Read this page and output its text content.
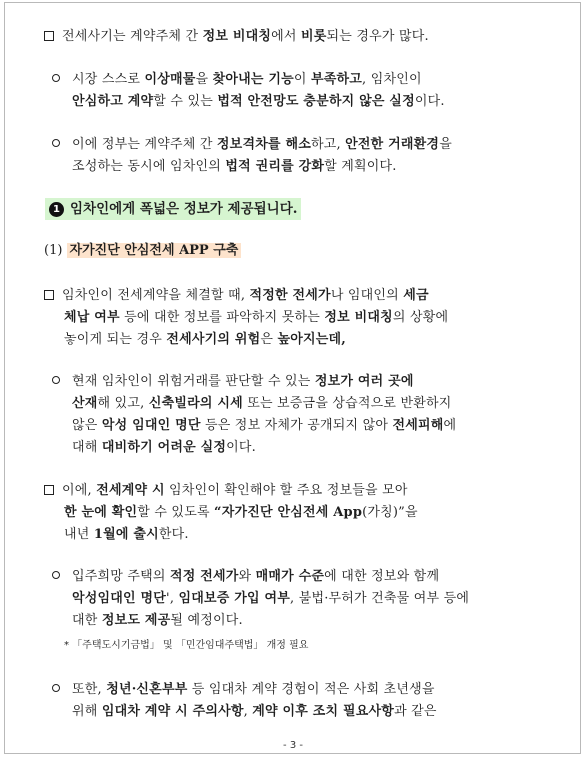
전세사기는 계약주체 간 정보 비대칭에서 비롯되는 경우가 많다.
시장 스스로 이상매물을 찾아내는 기능이 부족하고, 임차인이
안심하고 계약할 수 있는 법적 안전망도 충분하지 않은 실정이다.
이에 정부는 계약주체 간 정보격차를 해소하고, 안전한 거래환경을
조성하는 동시에 임차인의 법적 권리를 강화할 계획이다.
임차인이 전세계약을 체결할 때, 적정한 전세가나 임대인의 세금
체납 여부 등에 대한 정보를 파악하지 못하는 정보 비대칭의 상황에
놓이게 되는 경우 전세사기의 위험은 높아지는데,
현재 임차인이 위험거래를 판단할 수 있는 정보가 여러 곳에
산재해 있고, 신축빌라의 시세 또는 보증금을 상습적으로 반환하지
않은 악성 임대인 명단 등은 정보 자체가 공개되지 않아 전세피해에
대해 대비하기 어려운 실정이다.
이에, 전세계약 시 임차인이 확인해야 할 주요 정보들을 모아
한 눈에 확인할 수 있도록 “자가진단 안심전세 App(가칭)”을
내년 1월에 출시한다.
입주희망 주택의 적정 전세가와 매매가 수준에 대한 정보와 함께
악성임대인 명단', 임대보증 가입 여부, 불법·무허가 건축물 여부 등에
대한 정보도 제공될 예정이다.
또한, 청년·신혼부부 등 임대차 계약 경험이 적은 사회 초년생을
위해 임대차 계약 시 주의사항, 계약 이후 조치 필요사항과 같은
1 임차인에게 폭넓은 정보가 제공됩니다.
(1) 자가진단 안심전세 APP 구축
* 「주택도시기금법」 및 「민간임대주택법」 개정 필요
- 3 -
